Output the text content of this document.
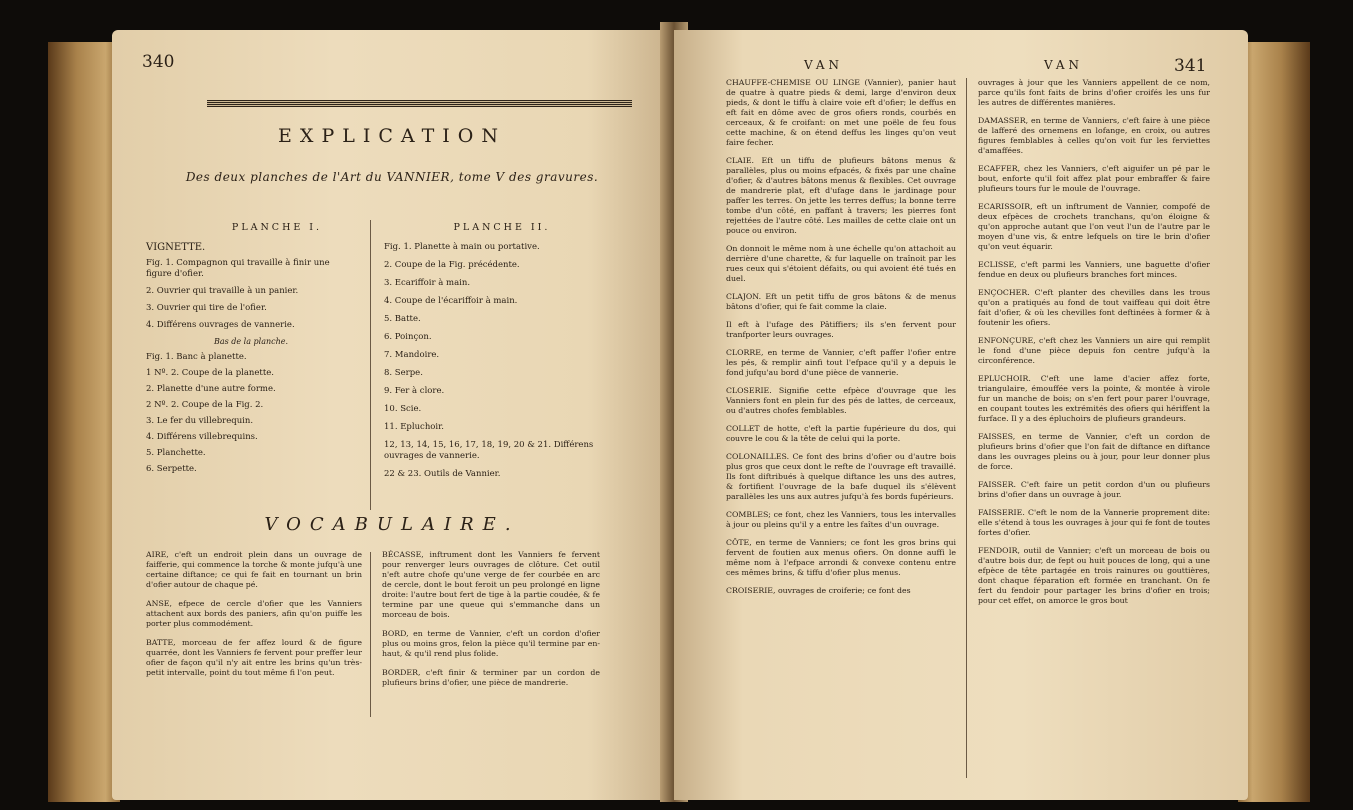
340
EXPLICATION
Des deux planches de l'Art du VANNIER, tome V des gravures.
PLANCHE I.
VIGNETTE.
Fig. 1. Compagnon qui travaille à finir une figure d'ofier.
2. Ouvrier qui travaille à un panier.
3. Ouvrier qui tire de l'ofier.
4. Différens ouvrages de vannerie.
Bas de la planche.
Fig. 1. Banc à planette.
1 Nº. 2. Coupe de la planette.
2. Planette d'une autre forme.
2 Nº. 2. Coupe de la Fig. 2.
3. Le fer du villebrequin.
4. Différens villebrequins.
5. Planchette.
6. Serpette.
PLANCHE II.
Fig. 1. Planette à main ou portative.
2. Coupe de la Fig. précédente.
3. Ecariffoir à main.
4. Coupe de l'écariffoir à main.
5. Batte.
6. Poinçon.
7. Mandoire.
8. Serpe.
9. Fer à clore.
10. Scie.
11. Epluchoir.
12, 13, 14, 15, 16, 17, 18, 19, 20 & 21. Différens ouvrages de vannerie.
22 & 23. Outils de Vannier.
VOCABULAIRE.

AIRE, c'eft un endroit plein dans un ouvrage de faifferie, qui commence la torche & monte jufqu'à une certaine diftance; ce qui fe fait en tournant un brin d'ofier autour de chaque pé.

ANSE, efpece de cercle d'ofier que les Vanniers attachent aux bords des paniers, afin qu'on puiffe les porter plus commodément.

BATTE, morceau de fer affez lourd & de figure quarrée, dont les Vanniers fe fervent pour preffer leur ofier de façon qu'il n'y ait entre les brins qu'un très-petit intervalle, point du tout même fi l'on peut.

BÉCASSE, inftrument dont les Vanniers fe fervent pour renverger leurs ouvrages de clôture. Cet outil n'eft autre chofe qu'une verge de fer courbée en arc de cercle, dont le bout feroit un peu prolongé en ligne droite: l'autre bout fert de tige à la partie coudée, & fe termine par une queue qui s'emmanche dans un morceau de bois.

BORD, en terme de Vannier, c'eft un cordon d'ofier plus ou moins gros, felon la pièce qu'il termine par en-haut, & qu'il rend plus folide.

BORDER, c'eft finir & terminer par un cordon de plufieurs brins d'ofier, une pièce de mandrerie.

VAN	VAN	341

CHAUFFE-CHEMISE OU LINGE (Vannier), panier haut de quatre à quatre pieds & demi, large d'environ deux pieds, & dont le tiffu à claire voie eft d'ofier; le deffus en eft fait en dôme avec de gros ofiers ronds, courbés en cerceaux, & fe croifant: on met une poële de feu fous cette machine, & on étend deffus les linges qu'on veut faire fecher.

CLAIE. Eft un tiffu de plufieurs bâtons menus & parallèles, plus ou moins efpacés, & fixés par une chaîne d'ofier, & d'autres bâtons menus & flexibles. Cet ouvrage de mandrerie plat, eft d'ufage dans le jardinage pour paffer les terres. On jette les terres deffus; la bonne terre tombe d'un côté, en paffant à travers; les pierres font rejettées de l'autre côté. Les mailles de cette claie ont un pouce ou environ.

On donnoit le même nom à une échelle qu'on attachoit au derrière d'une charette, & fur laquelle on traînoit par les rues ceux qui s'étoient défaits, ou qui avoient été tués en duel.

CLAJON. Eft un petit tiffu de gros bâtons & de menus bâtons d'ofier, qui fe fait comme la claie.

Il eft à l'ufage des Pâtiffiers; ils s'en fervent pour tranfporter leurs ouvrages.

CLORRE, en terme de Vannier, c'eft paffer l'ofier entre les pés, & remplir ainfi tout l'efpace qu'il y a depuis le fond jufqu'au bord d'une pièce de vannerie.

CLOSERIE. Signifie cette efpèce d'ouvrage que les Vanniers font en plein fur des pés de lattes, de cerceaux, ou d'autres chofes femblables.

COLLET de hotte, c'eft la partie fupérieure du dos, qui couvre le cou & la tête de celui qui la porte.

COLONAILLES. Ce font des brins d'ofier ou d'autre bois plus gros que ceux dont le refte de l'ouvrage eft travaillé. Ils font diftribués à quelque diftance les uns des autres, & fortifient l'ouvrage de la bafe duquel ils s'élèvent parallèles les uns aux autres jufqu'à fes bords fupérieurs.

COMBLES; ce font, chez les Vanniers, tous les intervalles à jour ou pleins qu'il y a entre les faîtes d'un ouvrage.

CÔTE, en terme de Vanniers; ce font les gros brins qui fervent de foutien aux menus ofiers. On donne auffi le même nom à l'efpace arrondi & convexe contenu entre ces mêmes brins, & tiffu d'ofier plus menus.

CROISERIE, ouvrages de croiferie; ce font des

ouvrages à jour que les Vanniers appellent de ce nom, parce qu'ils font faits de brins d'ofier croifés les uns fur les autres de différentes manières.

DAMASSER, en terme de Vanniers, c'eft faire à une pièce de lafferé des ornemens en lofange, en croix, ou autres figures femblables à celles qu'on voit fur les ferviettes d'amaffées.

ECAFFER, chez les Vanniers, c'eft aiguifer un pé par le bout, enforte qu'il foit affez plat pour embraffer & faire plufieurs tours fur le moule de l'ouvrage.

ECARISSOIR, eft un inftrument de Vannier, compofé de deux efpèces de crochets tranchans, qu'on éloigne & qu'on approche autant que l'on veut l'un de l'autre par le moyen d'une vis, & entre lefquels on tire le brin d'ofier qu'on veut équarir.

ECLISSE, c'eft parmi les Vanniers, une baguette d'ofier fendue en deux ou plufieurs branches fort minces.

ENÇOCHER. C'eft planter des chevilles dans les trous qu'on a pratiqués au fond de tout vaiffeau qui doit être fait d'ofier, & où les chevilles font deftinées à former & à foutenir les ofiers.

ENFONÇURE, c'eft chez les Vanniers un aire qui remplit le fond d'une pièce depuis fon centre jufqu'à la circonférence.

EPLUCHOIR. C'eft une lame d'acier affez forte, triangulaire, émouffée vers la pointe, & montée à virole fur un manche de bois; on s'en fert pour parer l'ouvrage, en coupant toutes les extrémités des ofiers qui hériffent la furface. Il y a des épluchoirs de plufieurs grandeurs.

FAISSES, en terme de Vannier, c'eft un cordon de plufieurs brins d'ofier que l'on fait de diftance en diftance dans les ouvrages pleins ou à jour, pour leur donner plus de force.

FAISSER. C'eft faire un petit cordon d'un ou plufieurs brins d'ofier dans un ouvrage à jour.

FAISSERIE. C'eft le nom de la Vannerie proprement dite: elle s'étend à tous les ouvrages à jour qui fe font de toutes fortes d'ofier.

FENDOIR, outil de Vannier; c'eft un morceau de bois ou d'autre bois dur, de fept ou huit pouces de long, qui a une efpèce de tête partagée en trois rainures ou gouttières, dont chaque féparation eft formée en tranchant. On fe fert du fendoir pour partager les brins d'ofier en trois; pour cet effet, on amorce le gros bout
